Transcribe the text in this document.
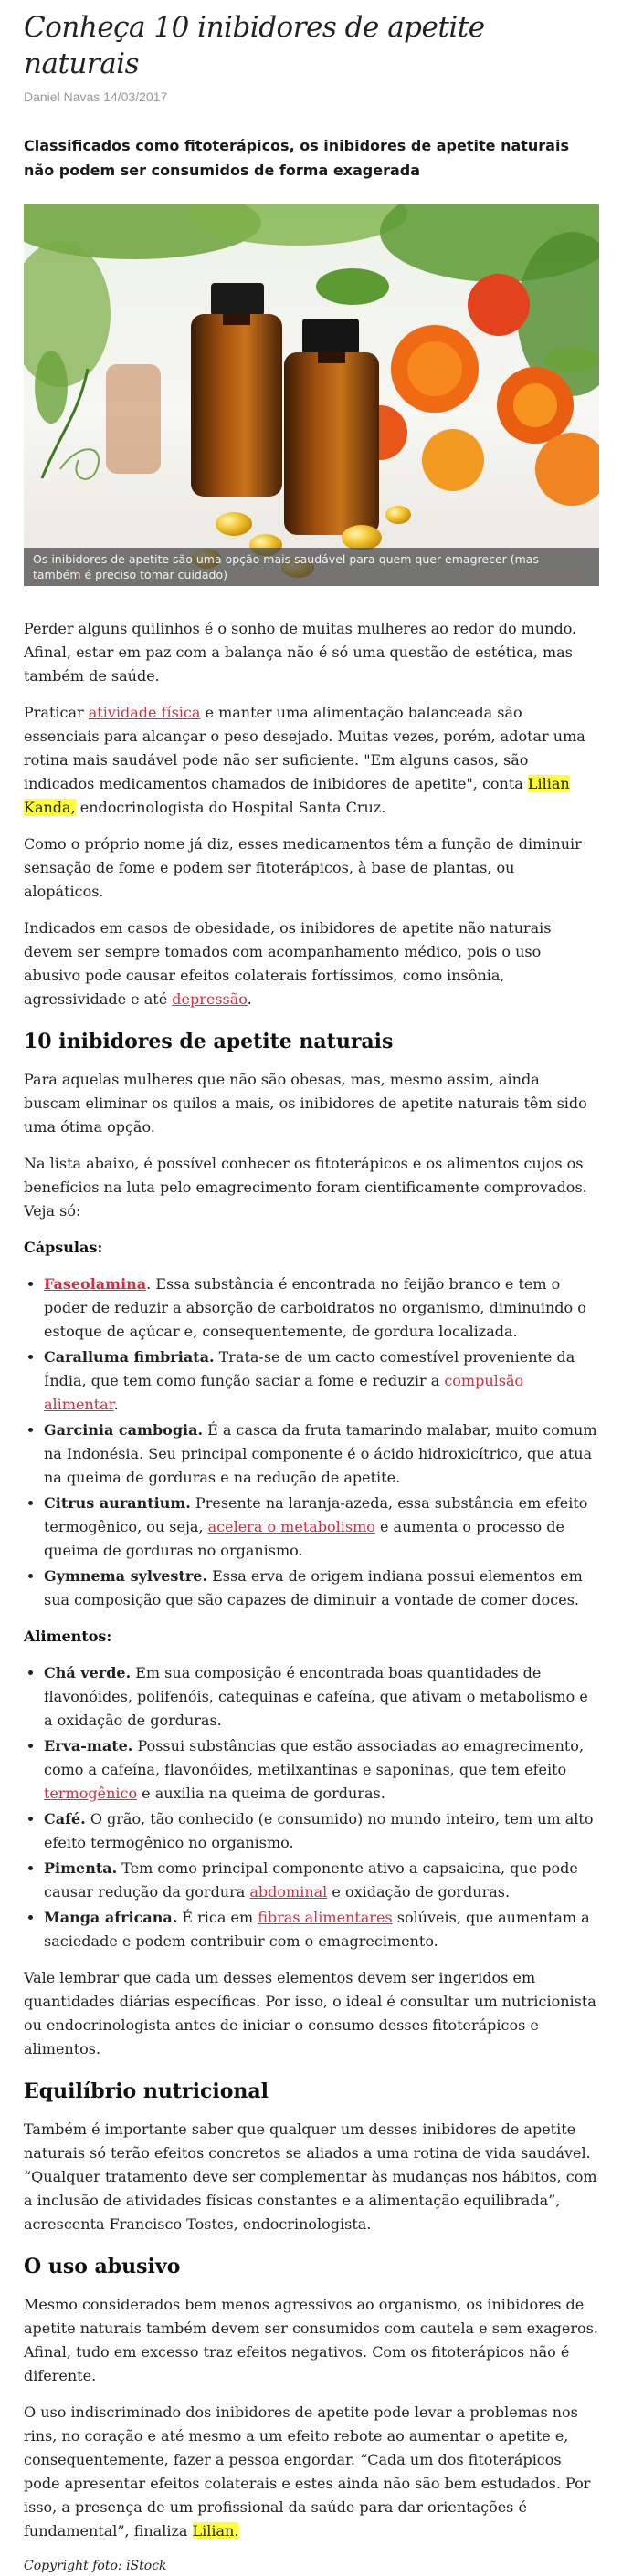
Conheça 10 inibidores de apetite naturais
Daniel Navas 14/03/2017
Classificados como fitoterápicos, os inibidores de apetite naturais não podem ser consumidos de forma exagerada
Os inibidores de apetite são uma opção mais saudável para quem quer emagrecer (mas também é preciso tomar cuidado)

Perder alguns quilinhos é o sonho de muitas mulheres ao redor do mundo. Afinal, estar em paz com a balança não é só uma questão de estética, mas também de saúde.

Praticar atividade física e manter uma alimentação balanceada são essenciais para alcançar o peso desejado. Muitas vezes, porém, adotar uma rotina mais saudável pode não ser suficiente. "Em alguns casos, são indicados medicamentos chamados de inibidores de apetite", conta Lilian Kanda, endocrinologista do Hospital Santa Cruz.

Como o próprio nome já diz, esses medicamentos têm a função de diminuir sensação de fome e podem ser fitoterápicos, à base de plantas, ou alopáticos.

Indicados em casos de obesidade, os inibidores de apetite não naturais devem ser sempre tomados com acompanhamento médico, pois o uso abusivo pode causar efeitos colaterais fortíssimos, como insônia, agressividade e até depressão.

10 inibidores de apetite naturais

Para aquelas mulheres que não são obesas, mas, mesmo assim, ainda buscam eliminar os quilos a mais, os inibidores de apetite naturais têm sido uma ótima opção.

Na lista abaixo, é possível conhecer os fitoterápicos e os alimentos cujos os benefícios na luta pelo emagrecimento foram cientificamente comprovados. Veja só:

Cápsulas:
• Faseolamina. Essa substância é encontrada no feijão branco e tem o poder de reduzir a absorção de carboidratos no organismo, diminuindo o estoque de açúcar e, consequentemente, de gordura localizada.
• Caralluma fimbriata. Trata-se de um cacto comestível proveniente da Índia, que tem como função saciar a fome e reduzir a compulsão alimentar.
• Garcinia cambogia. É a casca da fruta tamarindo malabar, muito comum na Indonésia. Seu principal componente é o ácido hidroxicítrico, que atua na queima de gorduras e na redução de apetite.
• Citrus aurantium. Presente na laranja-azeda, essa substância em efeito termogênico, ou seja, acelera o metabolismo e aumenta o processo de queima de gorduras no organismo.
• Gymnema sylvestre. Essa erva de origem indiana possui elementos em sua composição que são capazes de diminuir a vontade de comer doces.
Alimentos:
• Chá verde. Em sua composição é encontrada boas quantidades de flavonóides, polifenóis, catequinas e cafeína, que ativam o metabolismo e a oxidação de gorduras.
• Erva-mate. Possui substâncias que estão associadas ao emagrecimento, como a cafeína, flavonóides, metilxantinas e saponinas, que tem efeito termogênico e auxilia na queima de gorduras.
• Café. O grão, tão conhecido (e consumido) no mundo inteiro, tem um alto efeito termogênico no organismo.
• Pimenta. Tem como principal componente ativo a capsaicina, que pode causar redução da gordura abdominal e oxidação de gorduras.
• Manga africana. É rica em fibras alimentares solúveis, que aumentam a saciedade e podem contribuir com o emagrecimento.

Vale lembrar que cada um desses elementos devem ser ingeridos em quantidades diárias específicas. Por isso, o ideal é consultar um nutricionista ou endocrinologista antes de iniciar o consumo desses fitoterápicos e alimentos.

Equilíbrio nutricional

Também é importante saber que qualquer um desses inibidores de apetite naturais só terão efeitos concretos se aliados a uma rotina de vida saudável. “Qualquer tratamento deve ser complementar às mudanças nos hábitos, com a inclusão de atividades físicas constantes e a alimentação equilibrada”, acrescenta Francisco Tostes, endocrinologista.

O uso abusivo

Mesmo considerados bem menos agressivos ao organismo, os inibidores de apetite naturais também devem ser consumidos com cautela e sem exageros. Afinal, tudo em excesso traz efeitos negativos. Com os fitoterápicos não é diferente.

O uso indiscriminado dos inibidores de apetite pode levar a problemas nos rins, no coração e até mesmo a um efeito rebote ao aumentar o apetite e, consequentemente, fazer a pessoa engordar. “Cada um dos fitoterápicos pode apresentar efeitos colaterais e estes ainda não são bem estudados. Por isso, a presença de um profissional da saúde para dar orientações é fundamental”, finaliza Lilian.

Copyright foto: iStock
